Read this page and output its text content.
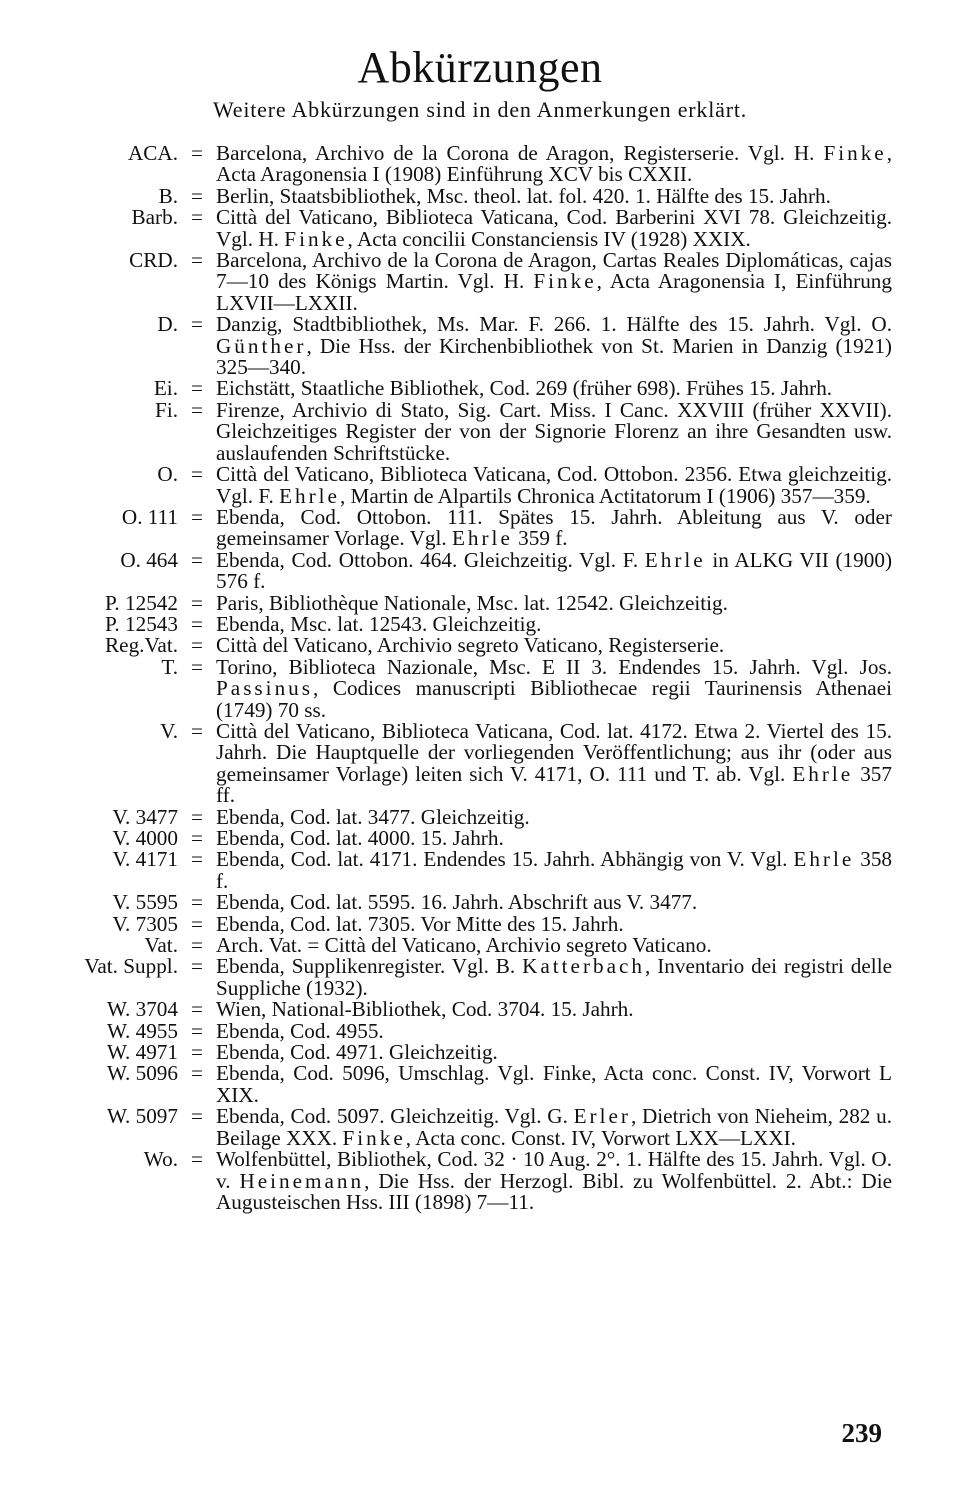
Abkürzungen
Weitere Abkürzungen sind in den Anmerkungen erklärt.
ACA. = Barcelona, Archivo de la Corona de Aragon, Registerserie. Vgl. H. Finke, Acta Aragonensia I (1908) Einführung XCV bis CXXII.
B. = Berlin, Staatsbibliothek, Msc. theol. lat. fol. 420. 1. Hälfte des 15. Jahrh.
Barb. = Città del Vaticano, Biblioteca Vaticana, Cod. Barberini XVI 78. Gleichzeitig. Vgl. H. Finke, Acta concilii Constanciensis IV (1928) XXIX.
CRD. = Barcelona, Archivo de la Corona de Aragon, Cartas Reales Diplomáticas, cajas 7—10 des Königs Martin. Vgl. H. Finke, Acta Aragonensia I, Einführung LXVII—LXXII.
D. = Danzig, Stadtbibliothek, Ms. Mar. F. 266. 1. Hälfte des 15. Jahrh. Vgl. O. Günther, Die Hss. der Kirchenbibliothek von St. Marien in Danzig (1921) 325—340.
Ei. = Eichstätt, Staatliche Bibliothek, Cod. 269 (früher 698). Frühes 15. Jahrh.
Fi. = Firenze, Archivio di Stato, Sig. Cart. Miss. I Canc. XXVIII (früher XXVII). Gleichzeitiges Register der von der Signorie Florenz an ihre Gesandten usw. auslaufenden Schriftstücke.
O. = Città del Vaticano, Biblioteca Vaticana, Cod. Ottobon. 2356. Etwa gleichzeitig. Vgl. F. Ehrle, Martin de Alpartils Chronica Actitatorum I (1906) 357—359.
O. 111 = Ebenda, Cod. Ottobon. 111. Spätes 15. Jahrh. Ableitung aus V. oder gemeinsamer Vorlage. Vgl. Ehrle 359 f.
O. 464 = Ebenda, Cod. Ottobon. 464. Gleichzeitig. Vgl. F. Ehrle in ALKG VII (1900) 576 f.
P. 12542 = Paris, Bibliothèque Nationale, Msc. lat. 12542. Gleichzeitig.
P. 12543 = Ebenda, Msc. lat. 12543. Gleichzeitig.
Reg.Vat. = Città del Vaticano, Archivio segreto Vaticano, Registerserie.
T. = Torino, Biblioteca Nazionale, Msc. E II 3. Endendes 15. Jahrh. Vgl. Jos. Passinus, Codices manuscripti Bibliothecae regii Taurinensis Athenaei (1749) 70 ss.
V. = Città del Vaticano, Biblioteca Vaticana, Cod. lat. 4172. Etwa 2. Viertel des 15. Jahrh. Die Hauptquelle der vorliegenden Veröffentlichung; aus ihr (oder aus gemeinsamer Vorlage) leiten sich V. 4171, O. 111 und T. ab. Vgl. Ehrle 357 ff.
V. 3477 = Ebenda, Cod. lat. 3477. Gleichzeitig.
V. 4000 = Ebenda, Cod. lat. 4000. 15. Jahrh.
V. 4171 = Ebenda, Cod. lat. 4171. Endendes 15. Jahrh. Abhängig von V. Vgl. Ehrle 358 f.
V. 5595 = Ebenda, Cod. lat. 5595. 16. Jahrh. Abschrift aus V. 3477.
V. 7305 = Ebenda, Cod. lat. 7305. Vor Mitte des 15. Jahrh.
Vat. = Arch. Vat. = Città del Vaticano, Archivio segreto Vaticano.
Vat. Suppl. = Ebenda, Supplikenregister. Vgl. B. Katterbach, Inventario dei registri delle Suppliche (1932).
W. 3704 = Wien, National-Bibliothek, Cod. 3704. 15. Jahrh.
W. 4955 = Ebenda, Cod. 4955.
W. 4971 = Ebenda, Cod. 4971. Gleichzeitig.
W. 5096 = Ebenda, Cod. 5096, Umschlag. Vgl. Finke, Acta conc. Const. IV, Vorwort L XIX.
W. 5097 = Ebenda, Cod. 5097. Gleichzeitig. Vgl. G. Erler, Dietrich von Nieheim, 282 u. Beilage XXX. Finke, Acta conc. Const. IV, Vorwort LXX—LXXI.
Wo. = Wolfenbüttel, Bibliothek, Cod. 32 · 10 Aug. 2°. 1. Hälfte des 15. Jahrh. Vgl. O. v. Heinemann, Die Hss. der Herzogl. Bibl. zu Wolfenbüttel. 2. Abt.: Die Augusteischen Hss. III (1898) 7—11.
239
